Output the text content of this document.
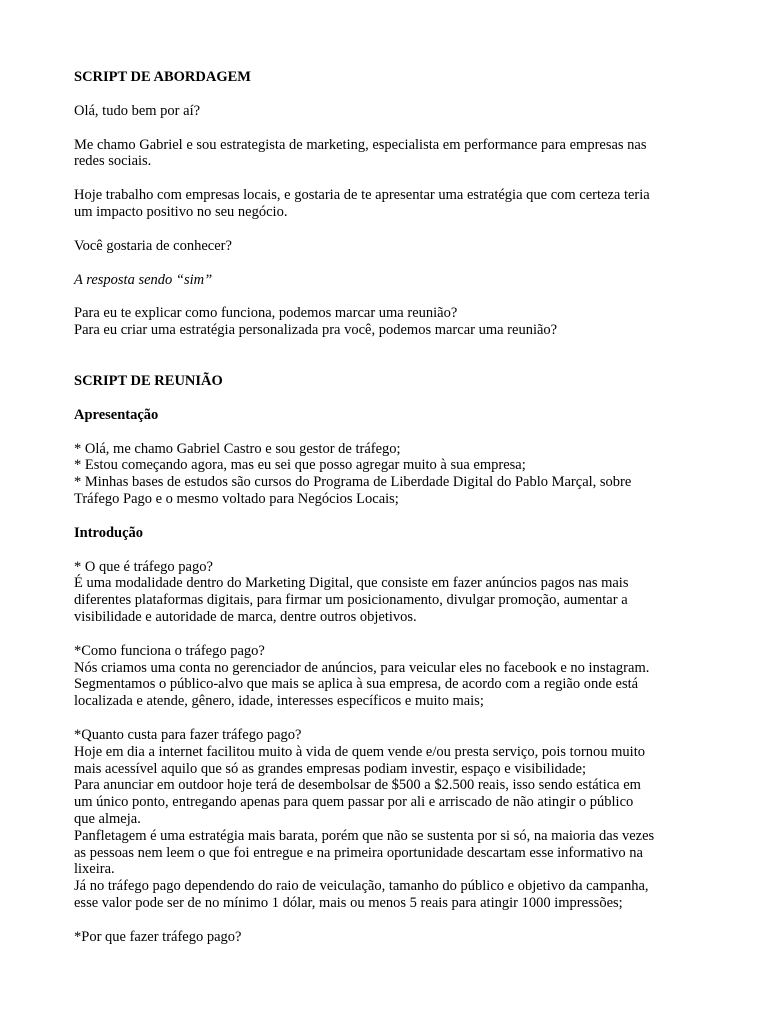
SCRIPT DE ABORDAGEM

Olá, tudo bem por aí?

Me chamo Gabriel e sou estrategista de marketing, especialista em performance para empresas nas
redes sociais.

Hoje trabalho com empresas locais, e gostaria de te apresentar uma estratégia que com certeza teria
um impacto positivo no seu negócio.

Você gostaria de conhecer?

A resposta sendo “sim”

Para eu te explicar como funciona, podemos marcar uma reunião?
Para eu criar uma estratégia personalizada pra você, podemos marcar uma reunião?

SCRIPT DE REUNIÃO

Apresentação

* Olá, me chamo Gabriel Castro e sou gestor de tráfego;
* Estou começando agora, mas eu sei que posso agregar muito à sua empresa;
* Minhas bases de estudos são cursos do Programa de Liberdade Digital do Pablo Marçal, sobre
Tráfego Pago e o mesmo voltado para Negócios Locais;

Introdução

* O que é tráfego pago?
É uma modalidade dentro do Marketing Digital, que consiste em fazer anúncios pagos nas mais
diferentes plataformas digitais, para firmar um posicionamento, divulgar promoção, aumentar a
visibilidade e autoridade de marca, dentre outros objetivos.

*Como funciona o tráfego pago?
Nós criamos uma conta no gerenciador de anúncios, para veicular eles no facebook e no instagram.
Segmentamos o público-alvo que mais se aplica à sua empresa, de acordo com a região onde está
localizada e atende, gênero, idade, interesses específicos e muito mais;

*Quanto custa para fazer tráfego pago?
Hoje em dia a internet facilitou muito à vida de quem vende e/ou presta serviço, pois tornou muito
mais acessível aquilo que só as grandes empresas podiam investir, espaço e visibilidade;
Para anunciar em outdoor hoje terá de desembolsar de $500 a $2.500 reais, isso sendo estática em
um único ponto, entregando apenas para quem passar por ali e arriscado de não atingir o público
que almeja.
Panfletagem é uma estratégia mais barata, porém que não se sustenta por si só, na maioria das vezes
as pessoas nem leem o que foi entregue e na primeira oportunidade descartam esse informativo na
lixeira.
Já no tráfego pago dependendo do raio de veiculação, tamanho do público e objetivo da campanha,
esse valor pode ser de no mínimo 1 dólar, mais ou menos 5 reais para atingir 1000 impressões;

*Por que fazer tráfego pago?
